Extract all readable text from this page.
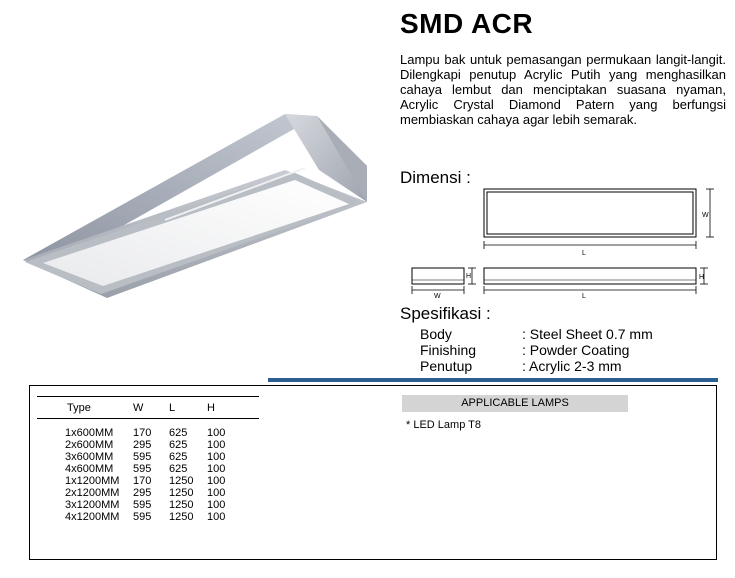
SMD ACR
Lampu bak untuk pemasangan permukaan langit-langit. Dilengkapi penutup Acrylic Putih yang menghasilkan cahaya lembut dan menciptakan suasana nyaman, Acrylic Crystal Diamond Patern yang berfungsi membiaskan cahaya agar lebih semarak.
Dimensi :
L
W
W
H
L
H
Spesifikasi :
Body	: Steel Sheet 0.7 mm
Finishing	: Powder Coating
Penutup	: Acrylic 2-3 mm
Type	W L	H
1x600MM 170 625 100
2x600MM 295 625 100
3x600MM 595 625 100
4x600MM 595 625 100
1x1200MM 170 1250 100
2x1200MM 295 1250 100
3x1200MM 595 1250 100
4x1200MM 595 1250 100
APPLICABLE LAMPS
* LED Lamp T8
